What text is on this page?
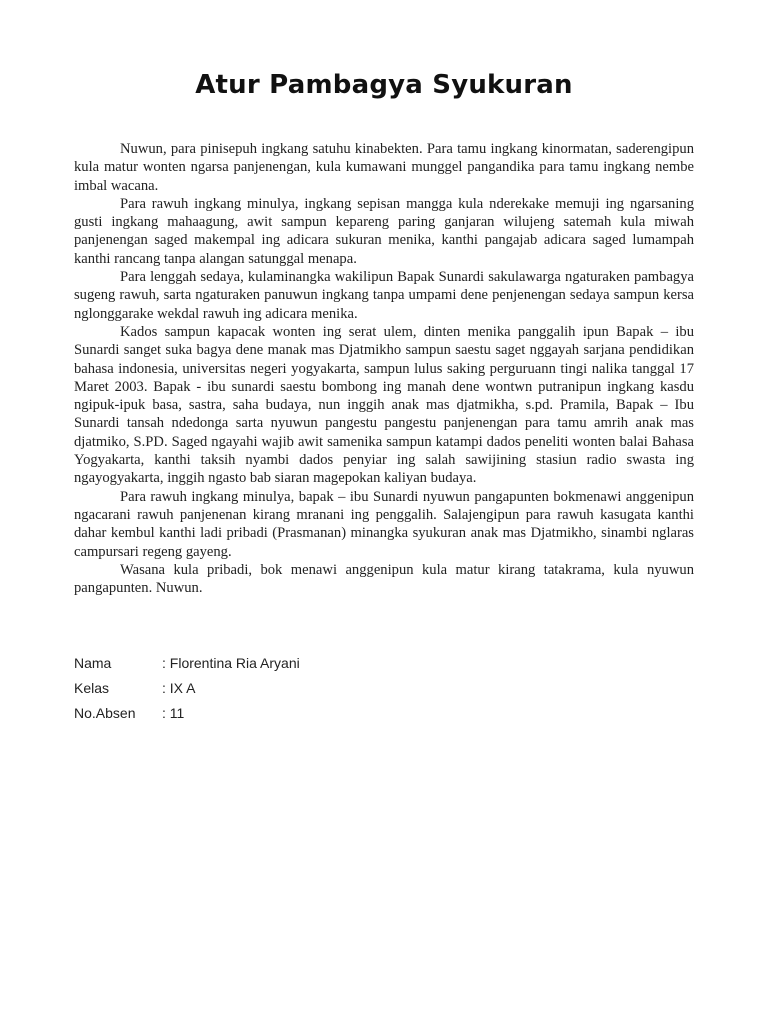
Atur Pambagya Syukuran

Nuwun, para pinisepuh ingkang satuhu kinabekten. Para tamu ingkang kinormatan, saderengipun kula matur wonten ngarsa panjenengan, kula kumawani munggel pangandika para tamu ingkang nembe imbal wacana.

Para rawuh ingkang minulya, ingkang sepisan mangga kula nderekake memuji ing ngarsaning gusti ingkang mahaagung, awit sampun kepareng paring ganjaran wilujeng satemah kula miwah panjenengan saged makempal ing adicara sukuran menika, kanthi pangajab adicara saged lumampah kanthi rancang tanpa alangan satunggal menapa.

Para lenggah sedaya, kulaminangka wakilipun Bapak Sunardi sakulawarga ngaturaken pambagya sugeng rawuh, sarta ngaturaken panuwun ingkang tanpa umpami dene penjenengan sedaya sampun kersa nglonggarake wekdal rawuh ing adicara menika.

Kados sampun kapacak wonten ing serat ulem, dinten menika panggalih ipun Bapak – ibu Sunardi sanget suka bagya dene manak mas Djatmikho sampun saestu saget nggayah sarjana pendidikan bahasa indonesia, universitas negeri yogyakarta, sampun lulus saking perguruann tingi nalika tanggal 17 Maret 2003. Bapak - ibu sunardi saestu bombong ing manah dene wontwn putranipun ingkang kasdu ngipuk-ipuk basa, sastra, saha budaya, nun inggih anak mas djatmikha, s.pd. Pramila, Bapak – Ibu Sunardi tansah ndedonga sarta nyuwun pangestu pangestu panjenengan para tamu amrih anak mas djatmiko, S.PD. Saged ngayahi wajib awit samenika sampun katampi dados peneliti wonten balai Bahasa Yogyakarta, kanthi taksih nyambi dados penyiar ing salah sawijining stasiun radio swasta ing ngayogyakarta, inggih ngasto bab siaran magepokan kaliyan budaya.

Para rawuh ingkang minulya, bapak – ibu Sunardi nyuwun pangapunten bokmenawi anggenipun ngacarani rawuh panjenenan kirang mranani ing penggalih. Salajengipun para rawuh kasugata kanthi dahar kembul kanthi ladi pribadi (Prasmanan) minangka syukuran anak mas Djatmikho, sinambi nglaras campursari regeng gayeng.

Wasana kula pribadi, bok menawi anggenipun kula matur kirang tatakrama, kula nyuwun pangapunten. Nuwun.

Nama	: Florentina Ria Aryani
Kelas	: IX A
No.Absen	: 11
